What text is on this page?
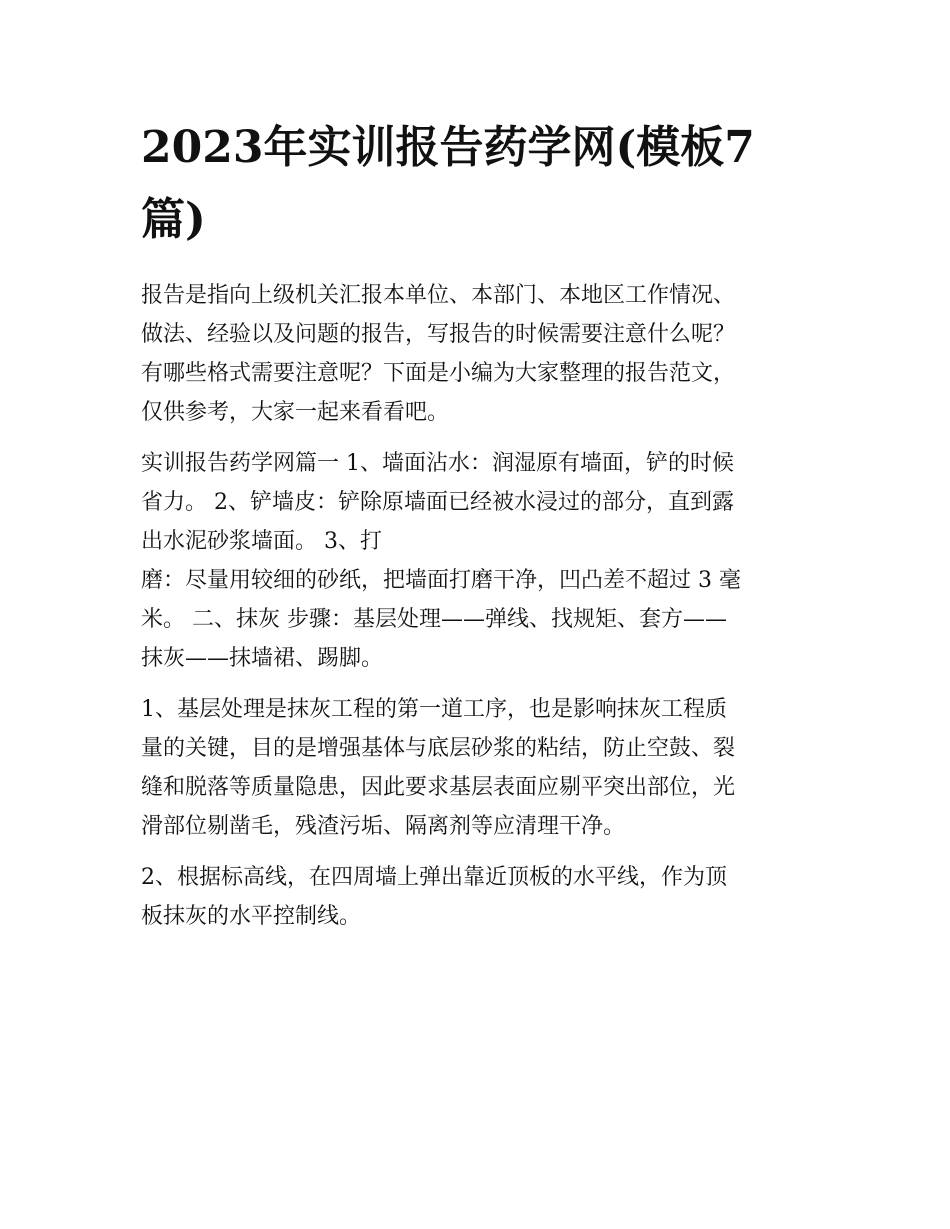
2023年实训报告药学网(模板7
篇)
报告是指向上级机关汇报本单位、本部门、本地区工作情况、
做法、经验以及问题的报告，写报告的时候需要注意什么呢？
有哪些格式需要注意呢？下面是小编为大家整理的报告范文，
仅供参考，大家一起来看看吧。
实训报告药学网篇一 1、墙面沾水：润湿原有墙面，铲的时候
省力。 2、铲墙皮：铲除原墙面已经被水浸过的部分，直到露
出水泥砂浆墙面。 3、打
磨：尽量用较细的砂纸，把墙面打磨干净，凹凸差不超过 3 毫
米。 二、抹灰 步骤：基层处理——弹线、找规矩、套方——
抹灰——抹墙裙、踢脚。
1、基层处理是抹灰工程的第一道工序，也是影响抹灰工程质
量的关键，目的是增强基体与底层砂浆的粘结，防止空鼓、裂
缝和脱落等质量隐患，因此要求基层表面应剔平突出部位，光
滑部位剔凿毛，残渣污垢、隔离剂等应清理干净。
2、根据标高线，在四周墙上弹出靠近顶板的水平线，作为顶
板抹灰的水平控制线。
